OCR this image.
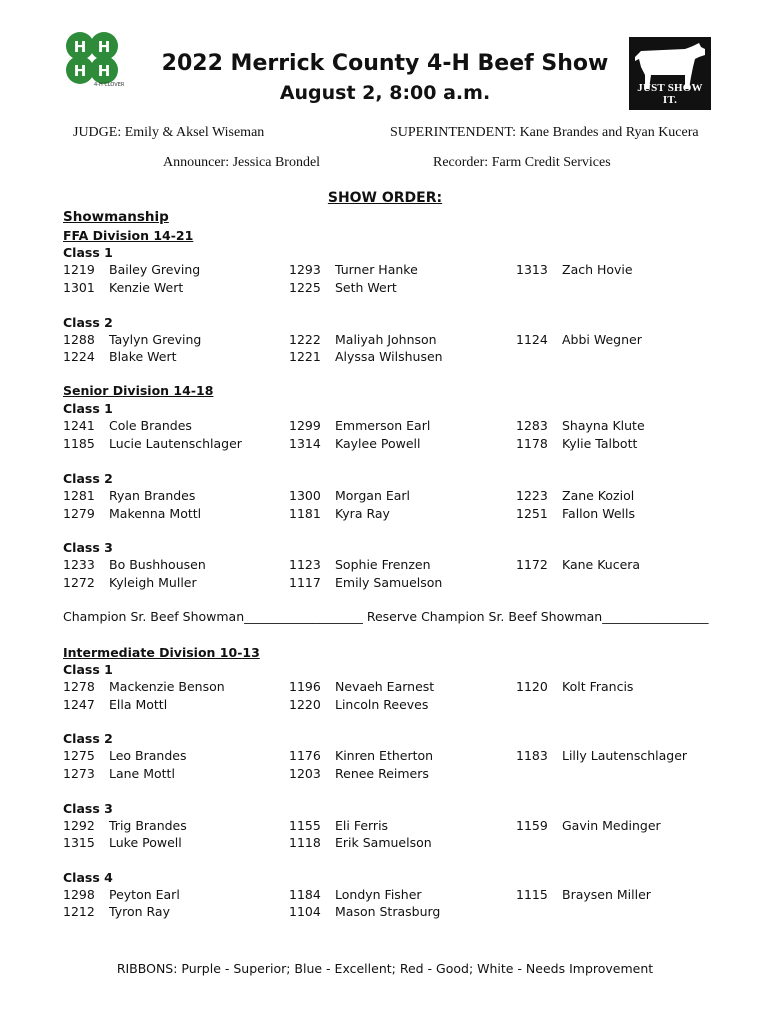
H H
H H
4-H CLOVER
2022 Merrick County 4-H Beef Show
August 2, 8:00 a.m.	JUST SHOW IT.
JUDGE: Emily & Aksel Wiseman	SUPERINTENDENT: Kane Brandes and Ryan Kucera
Announcer: Jessica Brondel	Recorder: Farm Credit Services
SHOW ORDER:
Showmanship
FFA Division 14-21
Class 1
1219 Bailey Greving	1293 Turner Hanke	1313 Zach Hovie
1301 Kenzie Wert	1225 Seth Wert
Class 2
1288 Taylyn Greving	1222 Maliyah Johnson	1124 Abbi Wegner
1224 Blake Wert	1221 Alyssa Wilshusen
Senior Division 14-18
Class 1
1241 Cole Brandes	1299 Emmerson Earl	1283 Shayna Klute
1185 Lucie Lautenschlager	1314 Kaylee Powell	1178 Kylie Talbott
Class 2
1281 Ryan Brandes	1300 Morgan Earl	1223 Zane Koziol
1279 Makenna Mottl	1181 Kyra Ray	1251 Fallon Wells
Class 3
1233 Bo Bushhousen	1123 Sophie Frenzen	1172 Kane Kucera
1272 Kyleigh Muller	1117 Emily Samuelson
Champion Sr. Beef Showman___________________ Reserve Champion Sr. Beef Showman_________________
Intermediate Division 10-13
Class 1
1278 Mackenzie Benson	1196 Nevaeh Earnest	1120 Kolt Francis
1247 Ella Mottl	1220 Lincoln Reeves
Class 2
1275 Leo Brandes	1176 Kinren Etherton	1183 Lilly Lautenschlager
1273 Lane Mottl	1203 Renee Reimers
Class 3
1292 Trig Brandes	1155 Eli Ferris	1159 Gavin Medinger
1315 Luke Powell	1118 Erik Samuelson
Class 4
1298 Peyton Earl	1184 Londyn Fisher	1115 Braysen Miller
1212 Tyron Ray	1104 Mason Strasburg
RIBBONS: Purple - Superior; Blue - Excellent; Red - Good; White - Needs Improvement
